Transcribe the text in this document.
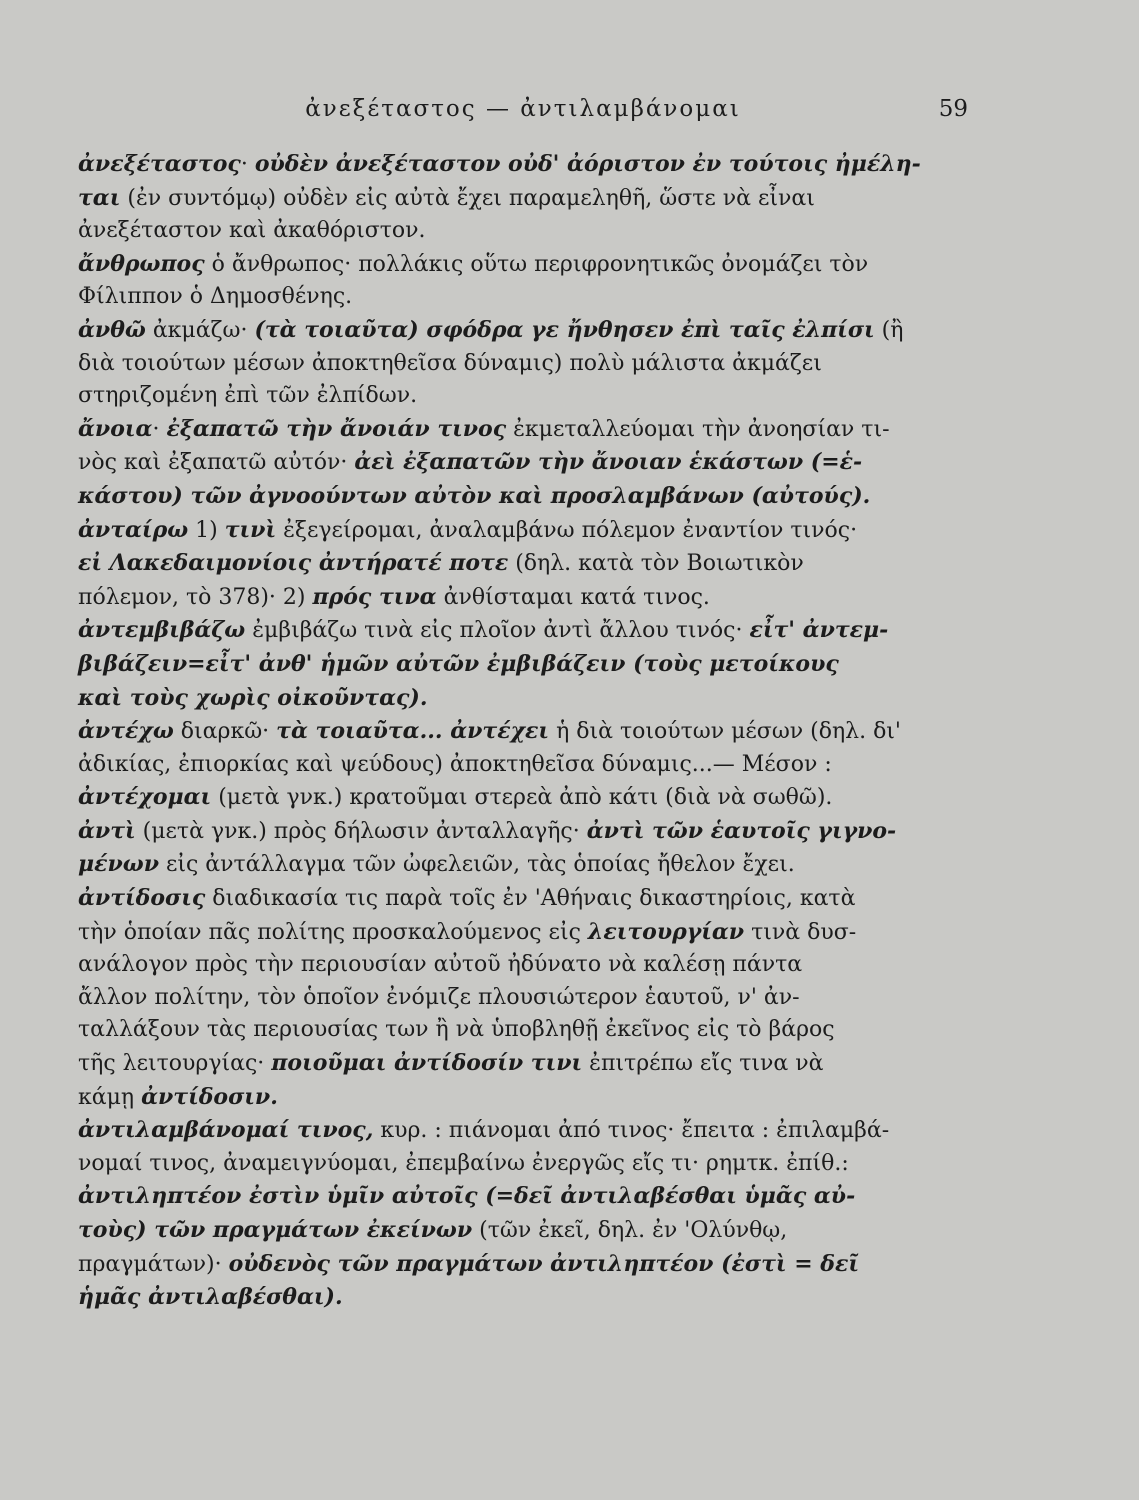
ἀνεξέταστος — ἀντιλαμβάνομαι	59
ἀνεξέταστος· οὐδὲν ἀνεξέταστον οὐδ' ἀόριστον ἐν τούτοις ἠμέλη-
ται (ἐν συντόμῳ) οὐδὲν εἰς αὐτὰ ἔχει παραμεληθῆ, ὥστε νὰ εἶναι
ἀνεξέταστον καὶ ἀκαθόριστον.
ἄνθρωπος ὁ ἄνθρωπος· πολλάκις οὕτω περιφρονητικῶς ὀνομάζει τὸν
Φίλιππον ὁ Δημοσθένης.
ἀνθῶ ἀκμάζω· (τὰ τοιαῦτα) σφόδρα γε ἤνθησεν ἐπὶ ταῖς ἐλπίσι (ἢ
διὰ τοιούτων μέσων ἀποκτηθεῖσα δύναμις) πολὺ μάλιστα ἀκμάζει
στηριζομένη ἐπὶ τῶν ἐλπίδων.
ἄνοια· ἐξαπατῶ τὴν ἄνοιάν τινος ἐκμεταλλεύομαι τὴν ἀνοησίαν τι-
νὸς καὶ ἐξαπατῶ αὐτόν· ἀεὶ ἐξαπατῶν τὴν ἄνοιαν ἑκάστων (=ἑ-
κάστου) τῶν ἀγνοούντων αὐτὸν καὶ προσλαμβάνων (αὐτούς).
ἀνταίρω 1) τινὶ ἐξεγείρομαι, ἀναλαμβάνω πόλεμον ἐναντίον τινός·
εἰ Λακεδαιμονίοις ἀντήρατέ ποτε (δηλ. κατὰ τὸν Βοιωτικὸν
πόλεμον, τὸ 378)· 2) πρός τινα ἀνθίσταμαι κατά τινος.
ἀντεμβιβάζω ἐμβιβάζω τινὰ εἰς πλοῖον ἀντὶ ἄλλου τινός· εἶτ' ἀντεμ-
βιβάζειν=εἶτ' ἀνθ' ἡμῶν αὐτῶν ἐμβιβάζειν (τοὺς μετοίκους
καὶ τοὺς χωρὶς οἰκοῦντας).
ἀντέχω διαρκῶ· τὰ τοιαῦτα... ἀντέχει ἡ διὰ τοιούτων μέσων (δηλ. δι'
ἀδικίας, ἐπιορκίας καὶ ψεύδους) ἀποκτηθεῖσα δύναμις...— Μέσον :
ἀντέχομαι (μετὰ γνκ.) κρατοῦμαι στερεὰ ἀπὸ κάτι (διὰ νὰ σωθῶ).
ἀντὶ (μετὰ γνκ.) πρὸς δήλωσιν ἀνταλλαγῆς· ἀντὶ τῶν ἑαυτοῖς γιγνο-
μένων εἰς ἀντάλλαγμα τῶν ὠφελειῶν, τὰς ὁποίας ἤθελον ἔχει.
ἀντίδοσις διαδικασία τις παρὰ τοῖς ἐν 'Αθήναις δικαστηρίοις, κατὰ
τὴν ὁποίαν πᾶς πολίτης προσκαλούμενος εἰς λειτουργίαν τινὰ δυσ-
ανάλογον πρὸς τὴν περιουσίαν αὐτοῦ ἠδύνατο νὰ καλέσῃ πάντα
ἄλλον πολίτην, τὸν ὁποῖον ἐνόμιζε πλουσιώτερον ἑαυτοῦ, ν' ἀν-
ταλλάξουν τὰς περιουσίας των ἢ νὰ ὑποβληθῇ ἐκεῖνος εἰς τὸ βάρος
τῆς λειτουργίας· ποιοῦμαι ἀντίδοσίν τινι ἐπιτρέπω εἴς τινα νὰ
κάμῃ ἀντίδοσιν.
ἀντιλαμβάνομαί τινος, κυρ. : πιάνομαι ἀπό τινος· ἔπειτα : ἐπιλαμβά-
νομαί τινος, ἀναμειγνύομαι, ἐπεμβαίνω ἐνεργῶς εἴς τι· ρημτκ. ἐπίθ.:
ἀντιληπτέον ἐστὶν ὑμῖν αὐτοῖς (=δεῖ ἀντιλαβέσθαι ὑμᾶς αὐ-
τοὺς) τῶν πραγμάτων ἐκείνων (τῶν ἐκεῖ, δηλ. ἐν 'Ολύνθῳ,
πραγμάτων)· οὐδενὸς τῶν πραγμάτων ἀντιληπτέον (ἐστὶ = δεῖ
ἡμᾶς ἀντιλαβέσθαι).
